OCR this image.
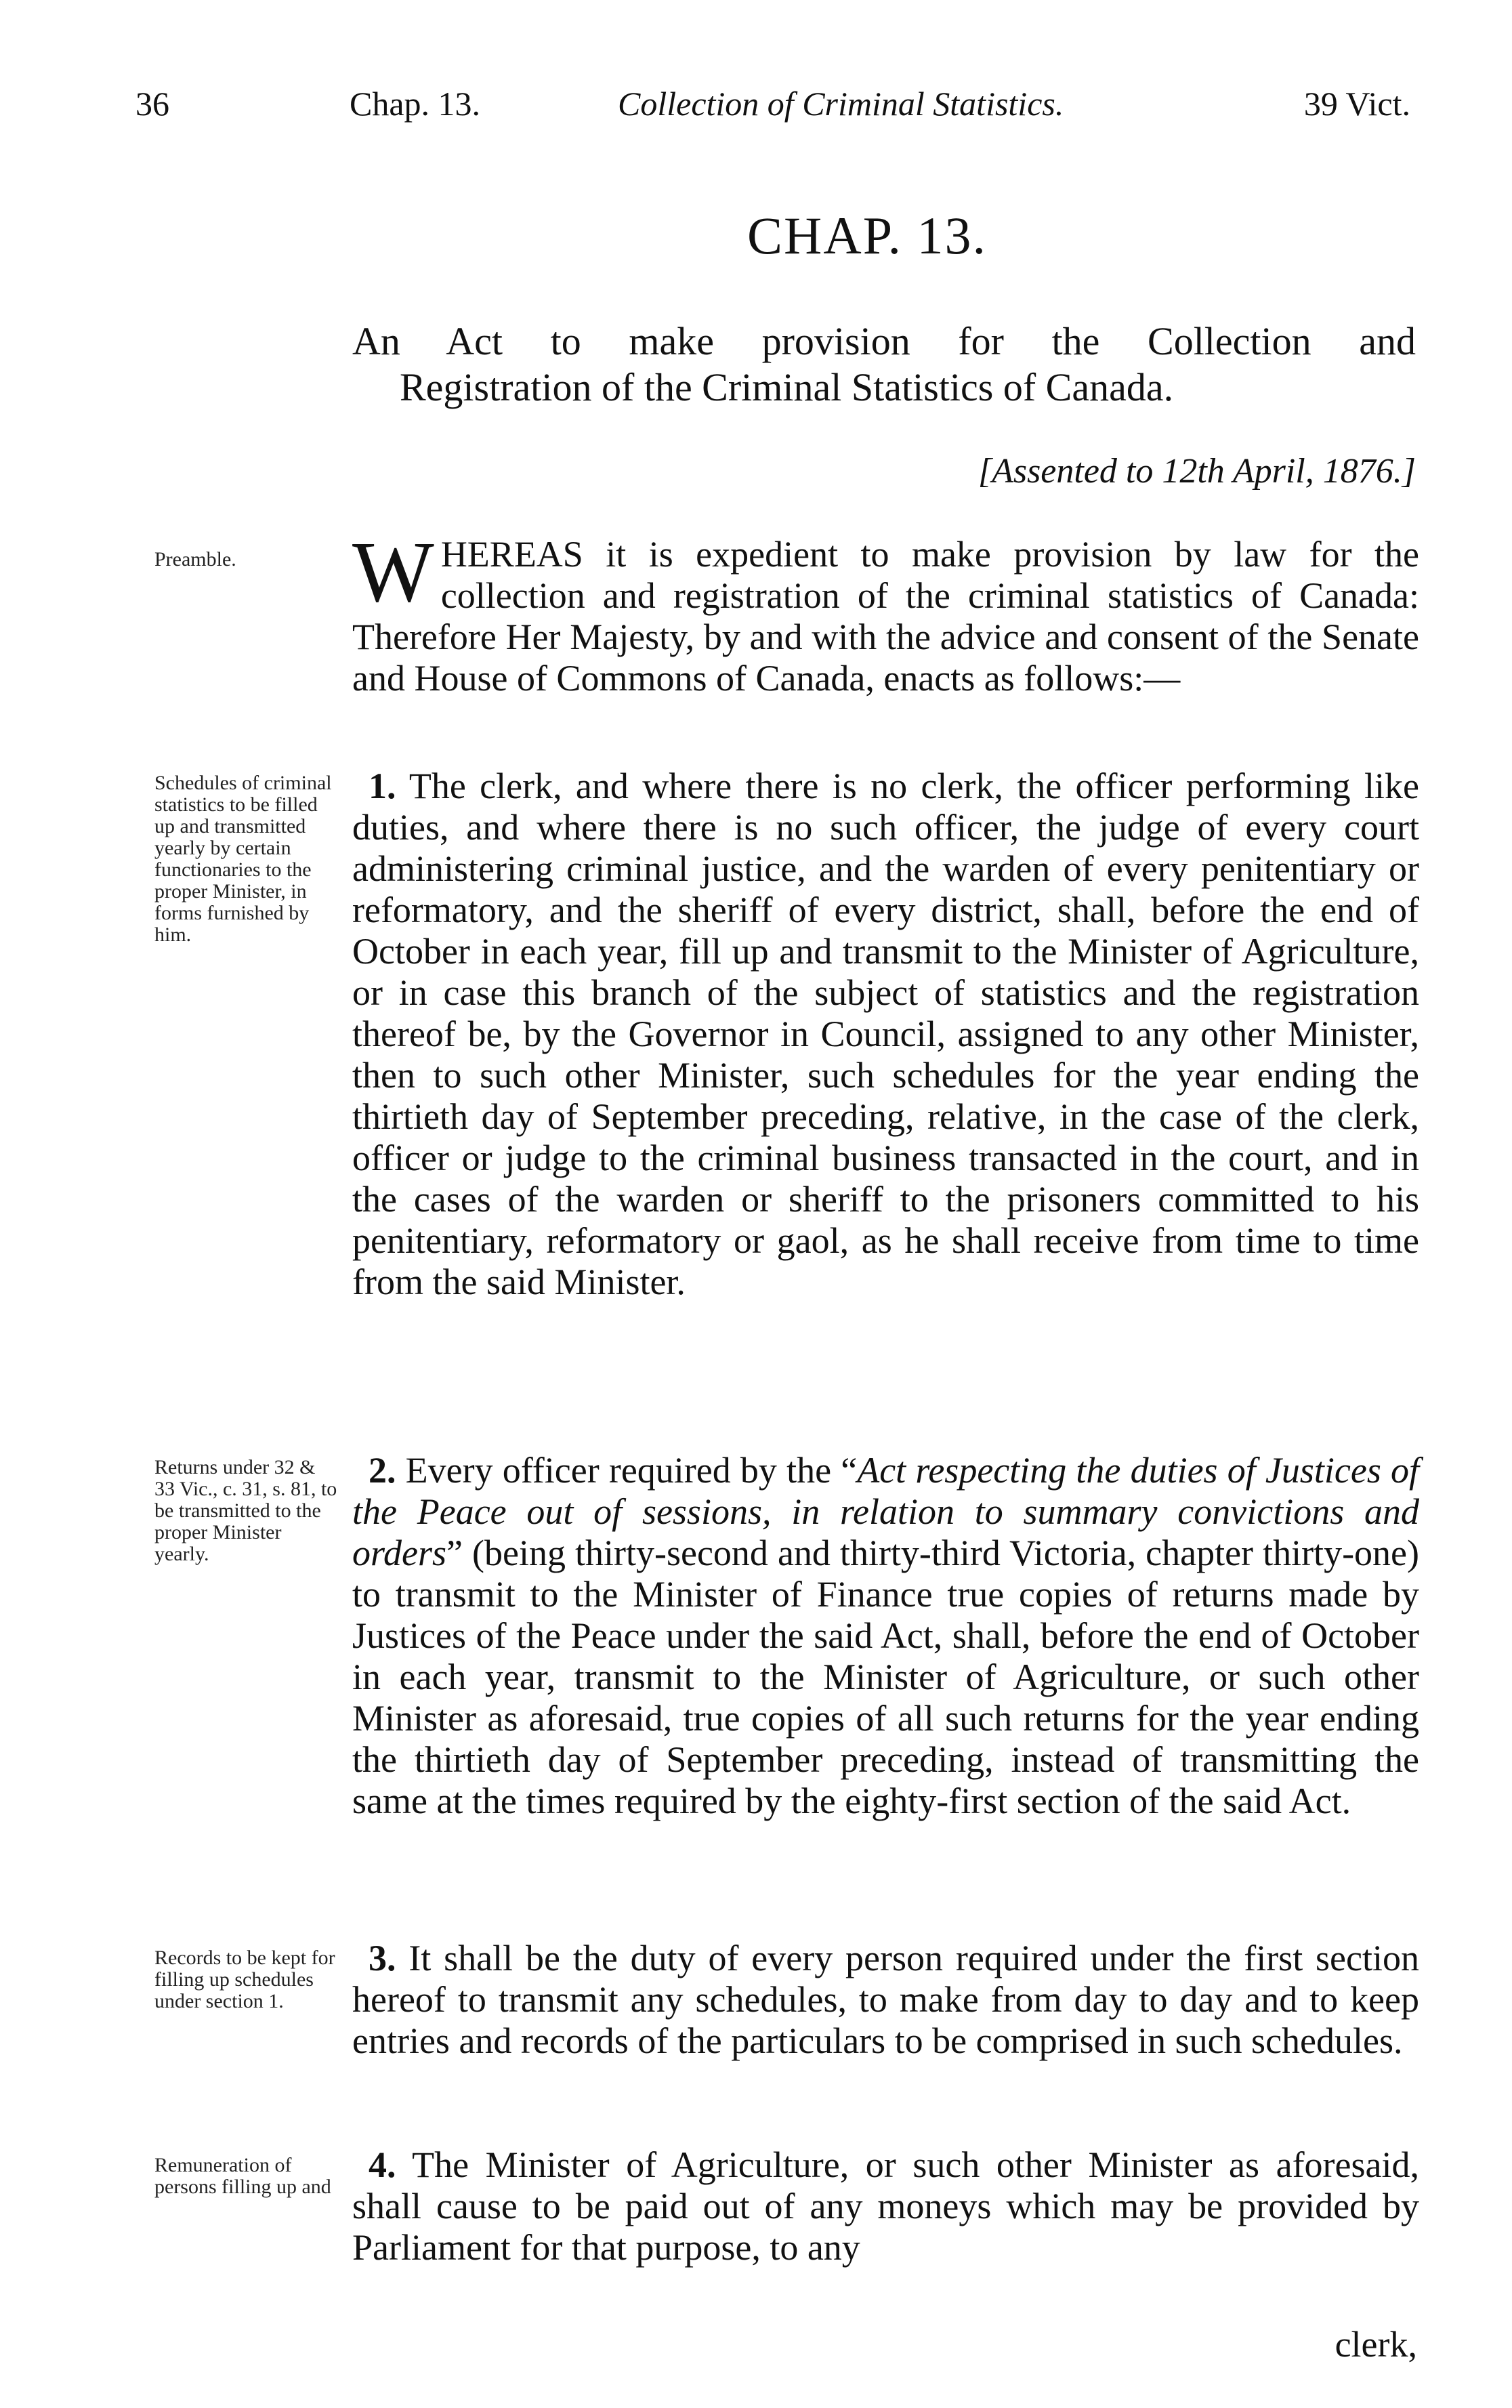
36	Chap. 13.	Collection of Criminal Statistics.	39 Vict.
CHAP. 13.
An Act to make provision for the Collection and
Registration of the Criminal Statistics of Canada.
[Assented to 12th April, 1876.]
Preamble.	WHEREAS it is expedient to make provision by law for the collection and registration of the criminal statistics of Canada: Therefore Her Majesty, by and with the advice and consent of the Senate and House of Commons of Canada, enacts as follows:—
Schedules of criminal statistics to be filled up and transmitted yearly by certain functionaries to the proper Minister, in forms furnished by him.
1. The clerk, and where there is no clerk, the officer performing like duties, and where there is no such officer, the judge of every court administering criminal justice, and the warden of every penitentiary or reformatory, and the sheriff of every district, shall, before the end of October in each year, fill up and transmit to the Minister of Agriculture, or in case this branch of the subject of statistics and the registration thereof be, by the Governor in Council, assigned to any other Minister, then to such other Minister, such schedules for the year ending the thirtieth day of September preceding, relative, in the case of the clerk, officer or judge to the criminal business transacted in the court, and in the cases of the warden or sheriff to the prisoners committed to his penitentiary, reformatory or gaol, as he shall receive from time to time from the said Minister.
Returns under 32 & 33 Vic., c. 31, s. 81, to be transmitted to the proper Minister yearly.
2. Every officer required by the “Act respecting the duties of Justices of the Peace out of sessions, in relation to summary convictions and orders” (being thirty-second and thirty-third Victoria, chapter thirty-one) to transmit to the Minister of Finance true copies of returns made by Justices of the Peace under the said Act, shall, before the end of October in each year, transmit to the Minister of Agriculture, or such other Minister as aforesaid, true copies of all such returns for the year ending the thirtieth day of September preceding, instead of transmitting the same at the times required by the eighty-first section of the said Act.
Records to be kept for filling up schedules under section 1.
3. It shall be the duty of every person required under the first section hereof to transmit any schedules, to make from day to day and to keep entries and records of the particulars to be comprised in such schedules.
Remuneration of persons filling up and
4. The Minister of Agriculture, or such other Minister as aforesaid, shall cause to be paid out of any moneys which may be provided by Parliament for that purpose, to any
clerk,
